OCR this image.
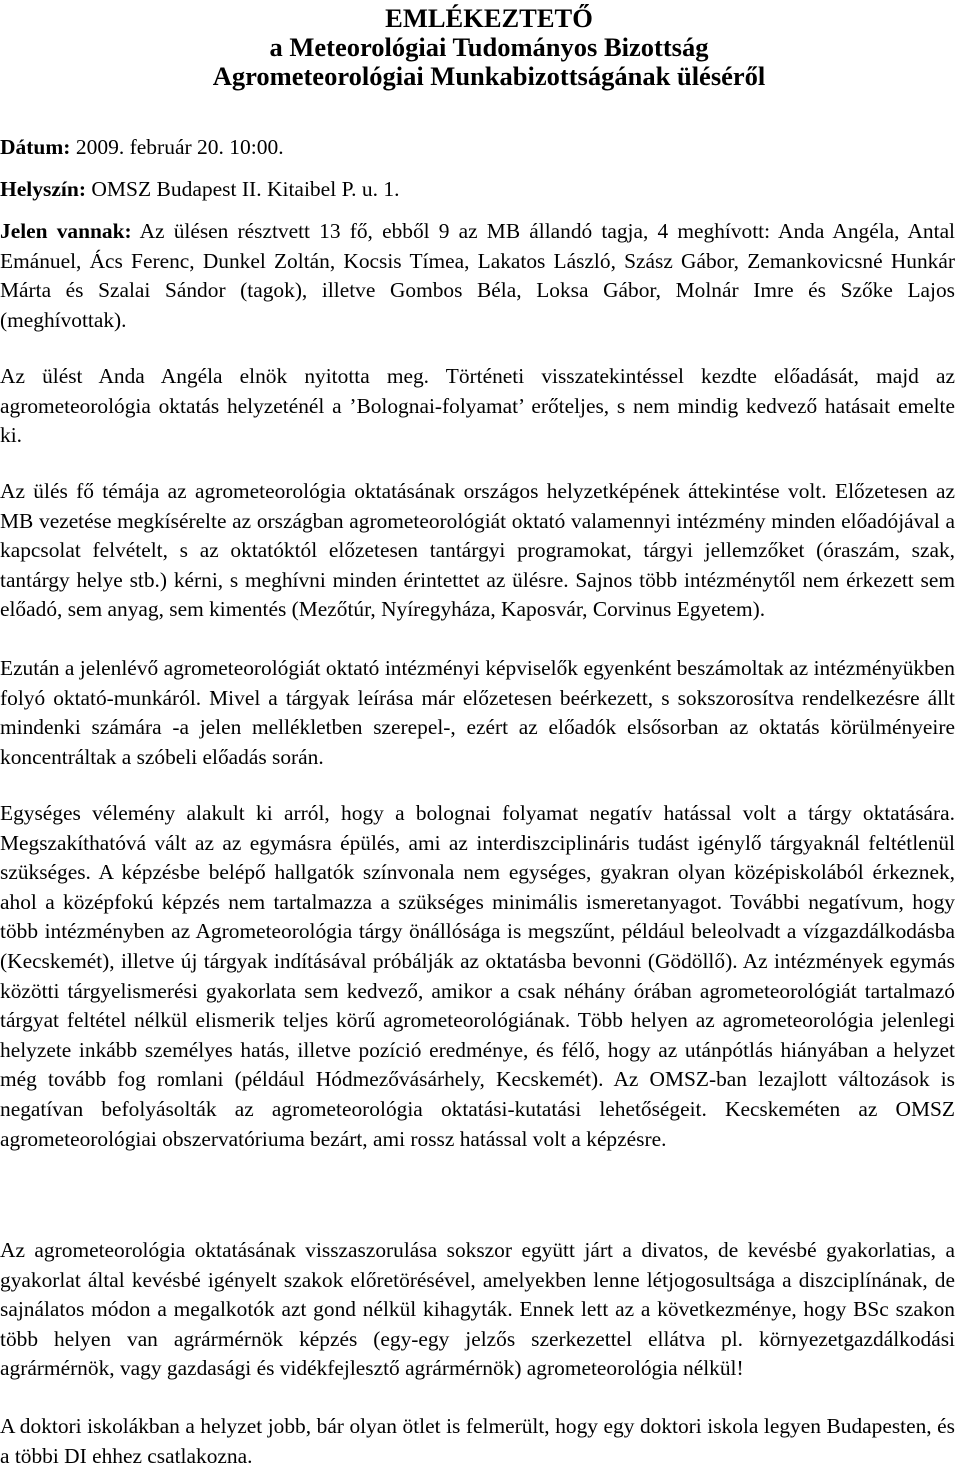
EMLÉKEZTETŐ
a Meteorológiai Tudományos Bizottság
Agrometeorológiai Munkabizottságának üléséről
Dátum: 2009. február 20. 10:00.
Helyszín: OMSZ Budapest II. Kitaibel P. u. 1.
Jelen vannak: Az ülésen résztvett 13 fő, ebből 9 az MB állandó tagja, 4 meghívott: Anda Angéla, Antal Emánuel, Ács Ferenc, Dunkel Zoltán, Kocsis Tímea, Lakatos László, Szász Gábor, Zemankovicsné Hunkár Márta és Szalai Sándor (tagok), illetve Gombos Béla, Loksa Gábor, Molnár Imre és Szőke Lajos (meghívottak).
Az ülést Anda Angéla elnök nyitotta meg. Történeti visszatekintéssel kezdte előadását, majd az agrometeorológia oktatás helyzeténél a ’Bolognai-folyamat’ erőteljes, s nem mindig kedvező hatásait emelte ki.
Az ülés fő témája az agrometeorológia oktatásának országos helyzetképének áttekintése volt. Előzetesen az MB vezetése megkísérelte az országban agrometeorológiát oktató valamennyi intézmény minden előadójával a kapcsolat felvételt, s az oktatóktól előzetesen tantárgyi programokat, tárgyi jellemzőket (óraszám, szak, tantárgy helye stb.) kérni, s meghívni minden érintettet az ülésre. Sajnos több intézménytől nem érkezett sem előadó, sem anyag, sem kimentés (Mezőtúr, Nyíregyháza, Kaposvár, Corvinus Egyetem).
Ezután a jelenlévő agrometeorológiát oktató intézményi képviselők egyenként beszámoltak az intézményükben folyó oktató-munkáról. Mivel a tárgyak leírása már előzetesen beérkezett, s sokszorosítva rendelkezésre állt mindenki számára -a jelen mellékletben szerepel-, ezért az előadók elsősorban az oktatás körülményeire koncentráltak a szóbeli előadás során.
Egységes vélemény alakult ki arról, hogy a bolognai folyamat negatív hatással volt a tárgy oktatására. Megszakíthatóvá vált az az egymásra épülés, ami az interdiszciplináris tudást igénylő tárgyaknál feltétlenül szükséges. A képzésbe belépő hallgatók színvonala nem egységes, gyakran olyan középiskolából érkeznek, ahol a középfokú képzés nem tartalmazza a szükséges minimális ismeretanyagot. További negatívum, hogy több intézményben az Agrometeorológia tárgy önállósága is megszűnt, például beleolvadt a vízgazdálkodásba (Kecskemét), illetve új tárgyak indításával próbálják az oktatásba bevonni (Gödöllő). Az intézmények egymás közötti tárgyelismerési gyakorlata sem kedvező, amikor a csak néhány órában agrometeorológiát tartalmazó tárgyat feltétel nélkül elismerik teljes körű agrometeorológiának. Több helyen az agrometeorológia jelenlegi helyzete inkább személyes hatás, illetve pozíció eredménye, és félő, hogy az utánpótlás hiányában a helyzet még tovább fog romlani (például Hódmezővásárhely, Kecskemét). Az OMSZ-ban lezajlott változások is negatívan befolyásolták az agrometeorológia oktatási-kutatási lehetőségeit. Kecskeméten az OMSZ agrometeorológiai obszervatóriuma bezárt, ami rossz hatással volt a képzésre.
Az agrometeorológia oktatásának visszaszorulása sokszor együtt járt a divatos, de kevésbé gyakorlatias, a gyakorlat által kevésbé igényelt szakok előretörésével, amelyekben lenne létjogosultsága a diszciplínának, de sajnálatos módon a megalkotók azt gond nélkül kihagyták. Ennek lett az a következménye, hogy BSc szakon több helyen van agrármérnök képzés (egy-egy jelzős szerkezettel ellátva pl. környezetgazdálkodási agrármérnök, vagy gazdasági és vidékfejlesztő agrármérnök) agrometeorológia nélkül!
A doktori iskolákban a helyzet jobb, bár olyan ötlet is felmerült, hogy egy doktori iskola legyen Budapesten, és a többi DI ehhez csatlakozna.
